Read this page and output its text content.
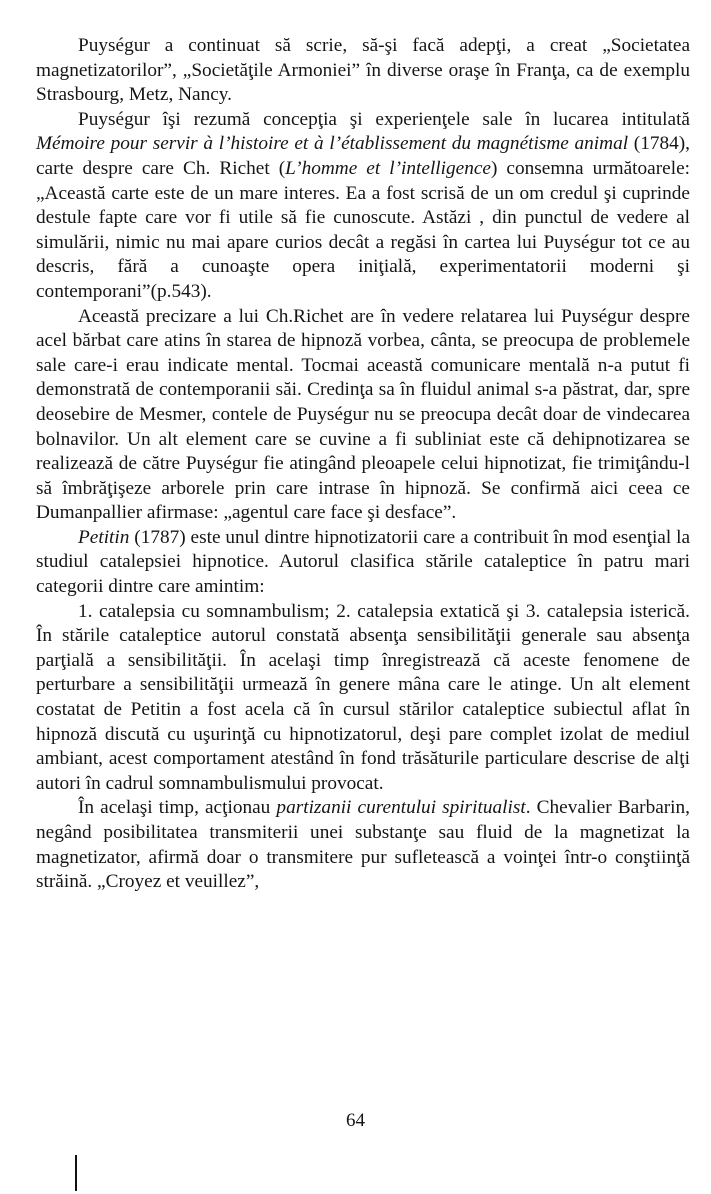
Puységur a continuat să scrie, să-şi facă adepţi, a creat „Societatea magnetizatorilor”, „Societăţile Armoniei” în diverse oraşe în Franţa, ca de exemplu Strasbourg, Metz, Nancy.

Puységur îşi rezumă concepţia şi experienţele sale în lucarea intitulată Mémoire pour servir à l’histoire et à l’établissement du magnétisme animal (1784), carte despre care Ch. Richet (L’homme et l’intelligence) consemna următoarele: „Această carte este de un mare interes. Ea a fost scrisă de un om credul şi cuprinde destule fapte care vor fi utile să fie cunoscute. Astăzi , din punctul de vedere al simulării, nimic nu mai apare curios decât a regăsi în cartea lui Puységur tot ce au descris, fără a cunoaşte opera iniţială, experimentatorii moderni şi contemporani”(p.543).

Această precizare a lui Ch.Richet are în vedere relatarea lui Puységur despre acel bărbat care atins în starea de hipnoză vorbea, cânta, se preocupa de problemele sale care-i erau indicate mental. Tocmai această comunicare mentală n-a putut fi demonstrată de contemporanii săi. Credinţa sa în fluidul animal s-a păstrat, dar, spre deosebire de Mesmer, contele de Puységur nu se preocupa decât doar de vindecarea bolnavilor. Un alt element care se cuvine a fi subliniat este că dehipnotizarea se realizează de către Puységur fie atingând pleoapele celui hipnotizat, fie trimiţându-l să îmbrăţişeze arborele prin care intrase în hipnoză. Se confirmă aici ceea ce Dumanpallier afirmase: „agentul care face şi desface”.

Petitin (1787) este unul dintre hipnotizatorii care a contribuit în mod esenţial la studiul catalepsiei hipnotice. Autorul clasifica stările cataleptice în patru mari categorii dintre care amintim:

1. catalepsia cu somnambulism; 2. catalepsia extatică şi 3. catalepsia isterică. În stările cataleptice autorul constată absenţa sensibilităţii generale sau absenţa parţială a sensibilităţii. În acelaşi timp înregistrează că aceste fenomene de perturbare a sensibilităţii urmează în genere mâna care le atinge. Un alt element costatat de Petitin a fost acela că în cursul stărilor cataleptice subiectul aflat în hipnoză discută cu uşurinţă cu hipnotizatorul, deşi pare complet izolat de mediul ambiant, acest comportament atestând în fond trăsăturile particulare descrise de alţi autori în cadrul somnambulismului provocat.

În acelaşi timp, acţionau partizanii curentului spiritualist. Chevalier Barbarin, negând posibilitatea transmiterii unei substanţe sau fluid de la magnetizat la magnetizator, afirmă doar o transmitere pur sufletească a voinţei într-o conştiinţă străină. „Croyez et veuillez”,

64
